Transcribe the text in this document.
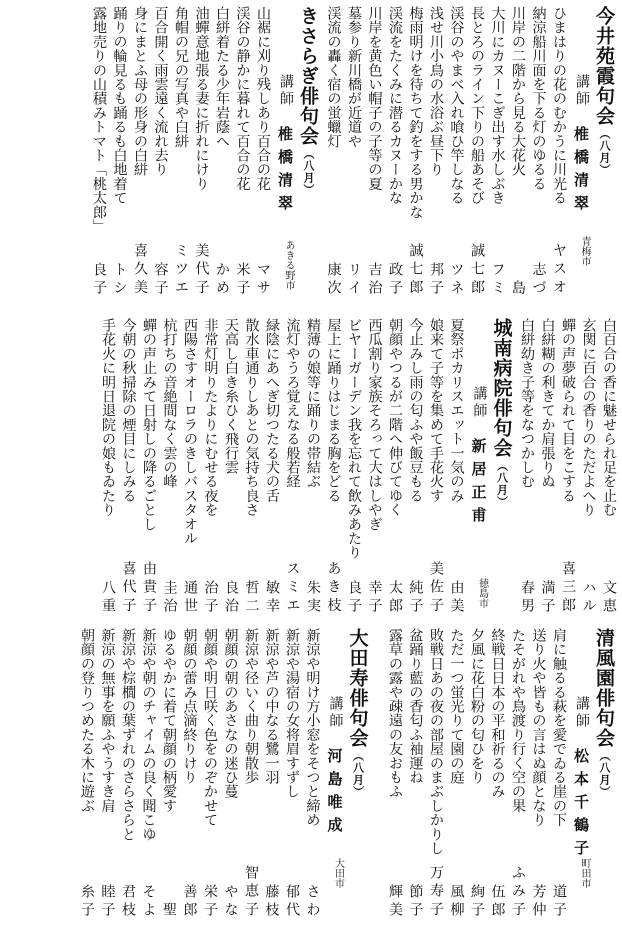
今井苑霞句会（八月）
講師
椎橋清翠
青梅市
ひまはりの花のむかうに川光る
ヤスオ
納涼船川面を下る灯のゆるる
志づ
川岸の二階から見る大花火
島
大川にカヌーこぎ出す水しぶき
フミ
長とろのライン下りの船あそび
誠七郎
渓谷のやまべ入れ喰ひ竿しなる
ツネ
浅せ川小鳥の水浴ぶ昼下り
邦子
梅雨明けを待ちて釣をする男かな
誠七郎
渓流をたくみに潜るカヌーかな
政子
川岸を黄色い帽子の子等の夏
吉治
墓参り新川橋が近道や
リイ
渓流の轟く宿の蛍蠟灯
康次
きさらぎ俳句会（八月）
講師
椎橋清翠
あきる野市
山裾に刈り残しあり百合の花
マサ
渓谷の静かに暮れて百合の花
米子
白絣着たる少年岩蔭へ
かめ
油蟬意地張る妻に折れにけり
美代子
角帽の兄の写真や白絣
ミツエ
百合開く雨雲遠く流れ去り
容子
身にまとふ母の形身の白絣
喜久美
踊りの輪見るも踊るも白地着て
トシ
露地売りの山積みトマト「桃太郎」
良子
白百合の香に魅せられ足を止む
文恵
玄関に百合の香りのただよへり
ハル
蟬の声夢破られて目をこする
喜三郎
白絣糊の利きてか肩張りぬ
満子
白絣幼き子等をなつかしむ
春男
城南病院俳句会（八月）
講師
新居正甫
徳島市
夏祭ポカリスエット一気のみ
由美
娘来て子等を集めて手花火す
美佐子
今止みし雨の匂ふや飯豆もる
純子
朝顔やつるが二階へ伸びてゆく
太郎
西瓜割り家族そろって大はしやぎ
幸子
ビヤーガーデン我を忘れて飲みあたり
良子
屋上に踊りはじまる胸をどる
あき枝
精薄の娘等に踊りの帯結ぶ
朱実
流灯やうろ覚えなる般若経
スミエ
緑陰にあへぎ切つたる犬の舌
敏幸
散水車通りしあとの気持ち良さ
哲二
天高し白き糸ひく飛行雲
良治
非常灯明りたよりにむせる夜を
治子
西陽さすオーロラのきしバスタオル
通世
杭打ちの音絶間なく雲の峰
圭治
蟬の声止みて日射しの降るごとし
由貴子
今朝の秋掃除の煙目にしみる
喜代子
手花火に明日退院の娘もゐたり
八重
清風園俳句会（八月）
講師
松本千鶴子
町田市
肩に触るる萩を愛でゐる崖の下
道子
送り火や皆もの言はぬ顔となり
芳仲
たそがれや鳥渡り行く空の果
ふみ子
終戦日日本の平和祈るのみ
伍郎
夕風に花白粉の匂ひをり
絢子
ただ一つ蛍光りて園の庭
風柳
敗戦日あの夜の部屋のまぶしかりし
万寿子
盆踊り藍の香匂ふ袖運ね
節子
露草の露や疎遠の友おもふ
輝美
大田寿俳句会（八月）
講師
河島唯成
大田市
新涼や明け方小窓をそつと締め
さわ
新涼や湯宿の女将眉すずし
郁代
新涼や芦の中なる鷺一羽
藤枝
新涼や径いく曲り朝散歩
智恵子
朝顔の朝のあさなの迷ひ蔓
やな
朝顔や明日咲く色をのぞかせて
栄子
朝顔の蕾み点滴終りけり
善郎
ゆるやかに着て朝顔の柄愛す
聖
新涼や朝のチャイムの良く聞こゆ
そよ
新涼や棕櫚の葉ずれのさらさらと
君枝
新涼の無事を願ふやうすき肩
睦子
朝顔の登りつめたる木に遊ぶ
糸子
